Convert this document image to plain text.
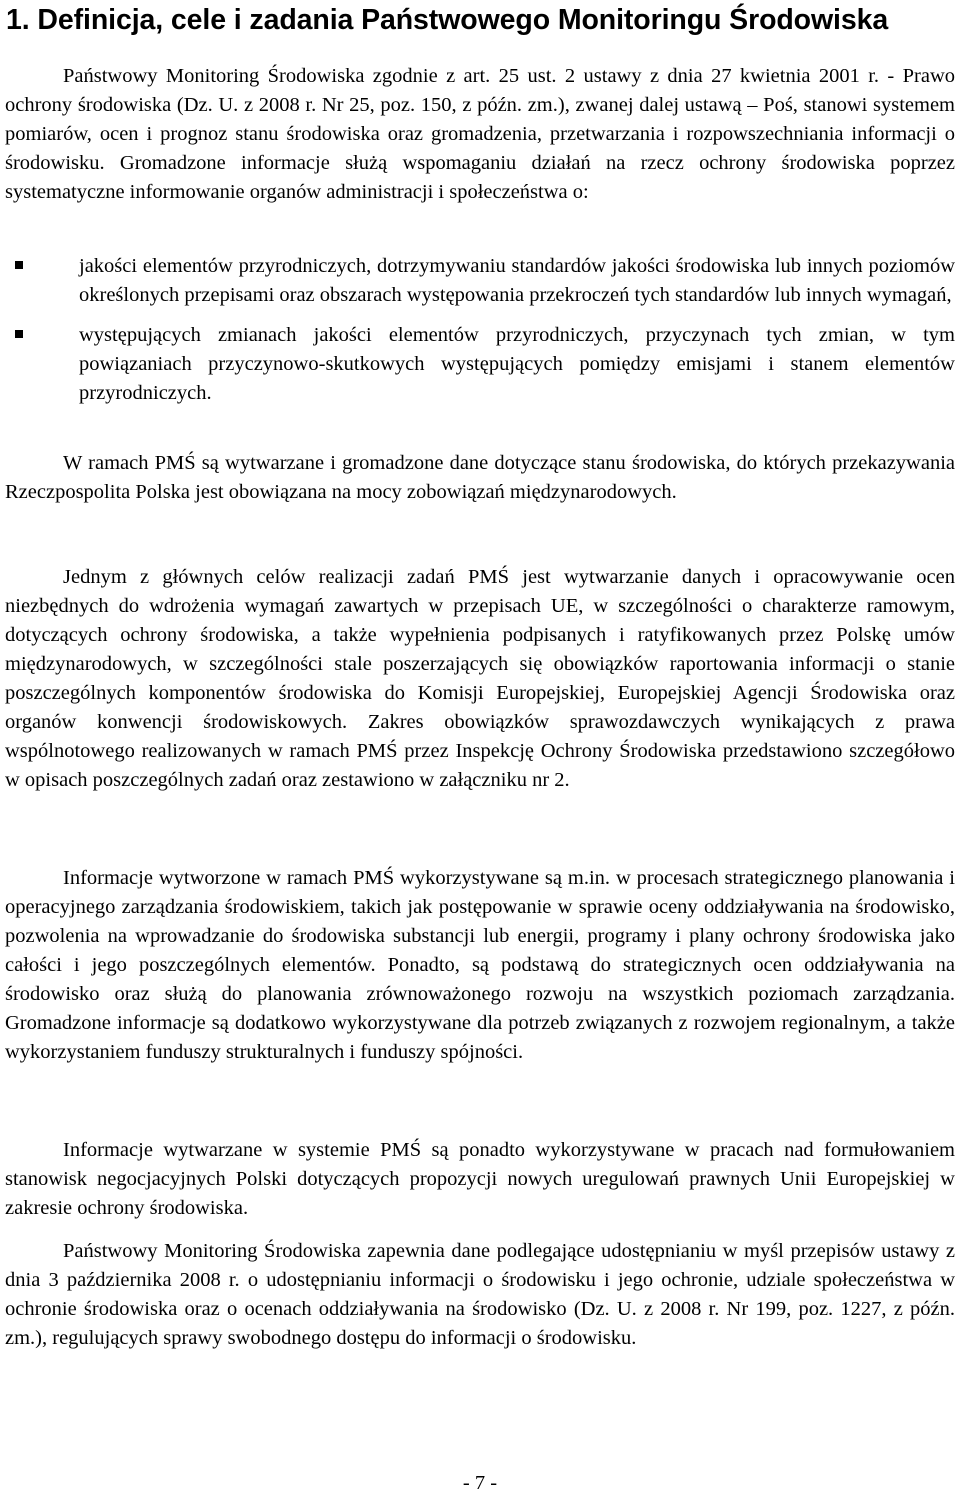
1. Definicja, cele i zadania Państwowego Monitoringu Środowiska

Państwowy Monitoring Środowiska zgodnie z art. 25 ust. 2 ustawy z dnia 27 kwietnia 2001 r. - Prawo ochrony środowiska (Dz. U. z 2008 r. Nr 25, poz. 150, z późn. zm.), zwanej dalej ustawą – Poś, stanowi systemem pomiarów, ocen i prognoz stanu środowiska oraz gromadzenia, przetwarzania i rozpowszechniania informacji o środowisku. Gromadzone informacje służą wspomaganiu działań na rzecz ochrony środowiska poprzez systematyczne informowanie organów administracji i społeczeństwa o:

jakości elementów przyrodniczych, dotrzymywaniu standardów jakości środowiska lub innych poziomów określonych przepisami oraz obszarach występowania przekroczeń tych standardów lub innych wymagań,
występujących zmianach jakości elementów przyrodniczych, przyczynach tych zmian, w tym powiązaniach przyczynowo-skutkowych występujących pomiędzy emisjami i stanem elementów przyrodniczych.

W ramach PMŚ są wytwarzane i gromadzone dane dotyczące stanu środowiska, do których przekazywania Rzeczpospolita Polska jest obowiązana na mocy zobowiązań międzynarodowych.

Jednym z głównych celów realizacji zadań PMŚ jest wytwarzanie danych i opracowywanie ocen niezbędnych do wdrożenia wymagań zawartych w przepisach UE, w szczególności o charakterze ramowym, dotyczących ochrony środowiska, a także wypełnienia podpisanych i ratyfikowanych przez Polskę umów międzynarodowych, w szczególności stale poszerzających się obowiązków raportowania informacji o stanie poszczególnych komponentów środowiska do Komisji Europejskiej, Europejskiej Agencji Środowiska oraz organów konwencji środowiskowych. Zakres obowiązków sprawozdawczych wynikających z prawa wspólnotowego realizowanych w ramach PMŚ przez Inspekcję Ochrony Środowiska przedstawiono szczegółowo w opisach poszczególnych zadań oraz zestawiono w załączniku nr 2.

Informacje wytworzone w ramach PMŚ wykorzystywane są m.in. w procesach strategicznego planowania i operacyjnego zarządzania środowiskiem, takich jak postępowanie w sprawie oceny oddziaływania na środowisko, pozwolenia na wprowadzanie do środowiska substancji lub energii, programy i plany ochrony środowiska jako całości i jego poszczególnych elementów. Ponadto, są podstawą do strategicznych ocen oddziaływania na środowisko oraz służą do planowania zrównoważonego rozwoju na wszystkich poziomach zarządzania. Gromadzone informacje są dodatkowo wykorzystywane dla potrzeb związanych z rozwojem regionalnym, a także wykorzystaniem funduszy strukturalnych i funduszy spójności.

Informacje wytwarzane w systemie PMŚ są ponadto wykorzystywane w pracach nad formułowaniem stanowisk negocjacyjnych Polski dotyczących propozycji nowych uregulowań prawnych Unii Europejskiej w zakresie ochrony środowiska.

Państwowy Monitoring Środowiska zapewnia dane podlegające udostępnianiu w myśl przepisów ustawy z dnia 3 października 2008 r. o udostępnianiu informacji o środowisku i jego ochronie, udziale społeczeństwa w ochronie środowiska oraz o ocenach oddziaływania na środowisko (Dz. U. z 2008 r. Nr 199, poz. 1227, z późn. zm.), regulujących sprawy swobodnego dostępu do informacji o środowisku.

- 7 -
